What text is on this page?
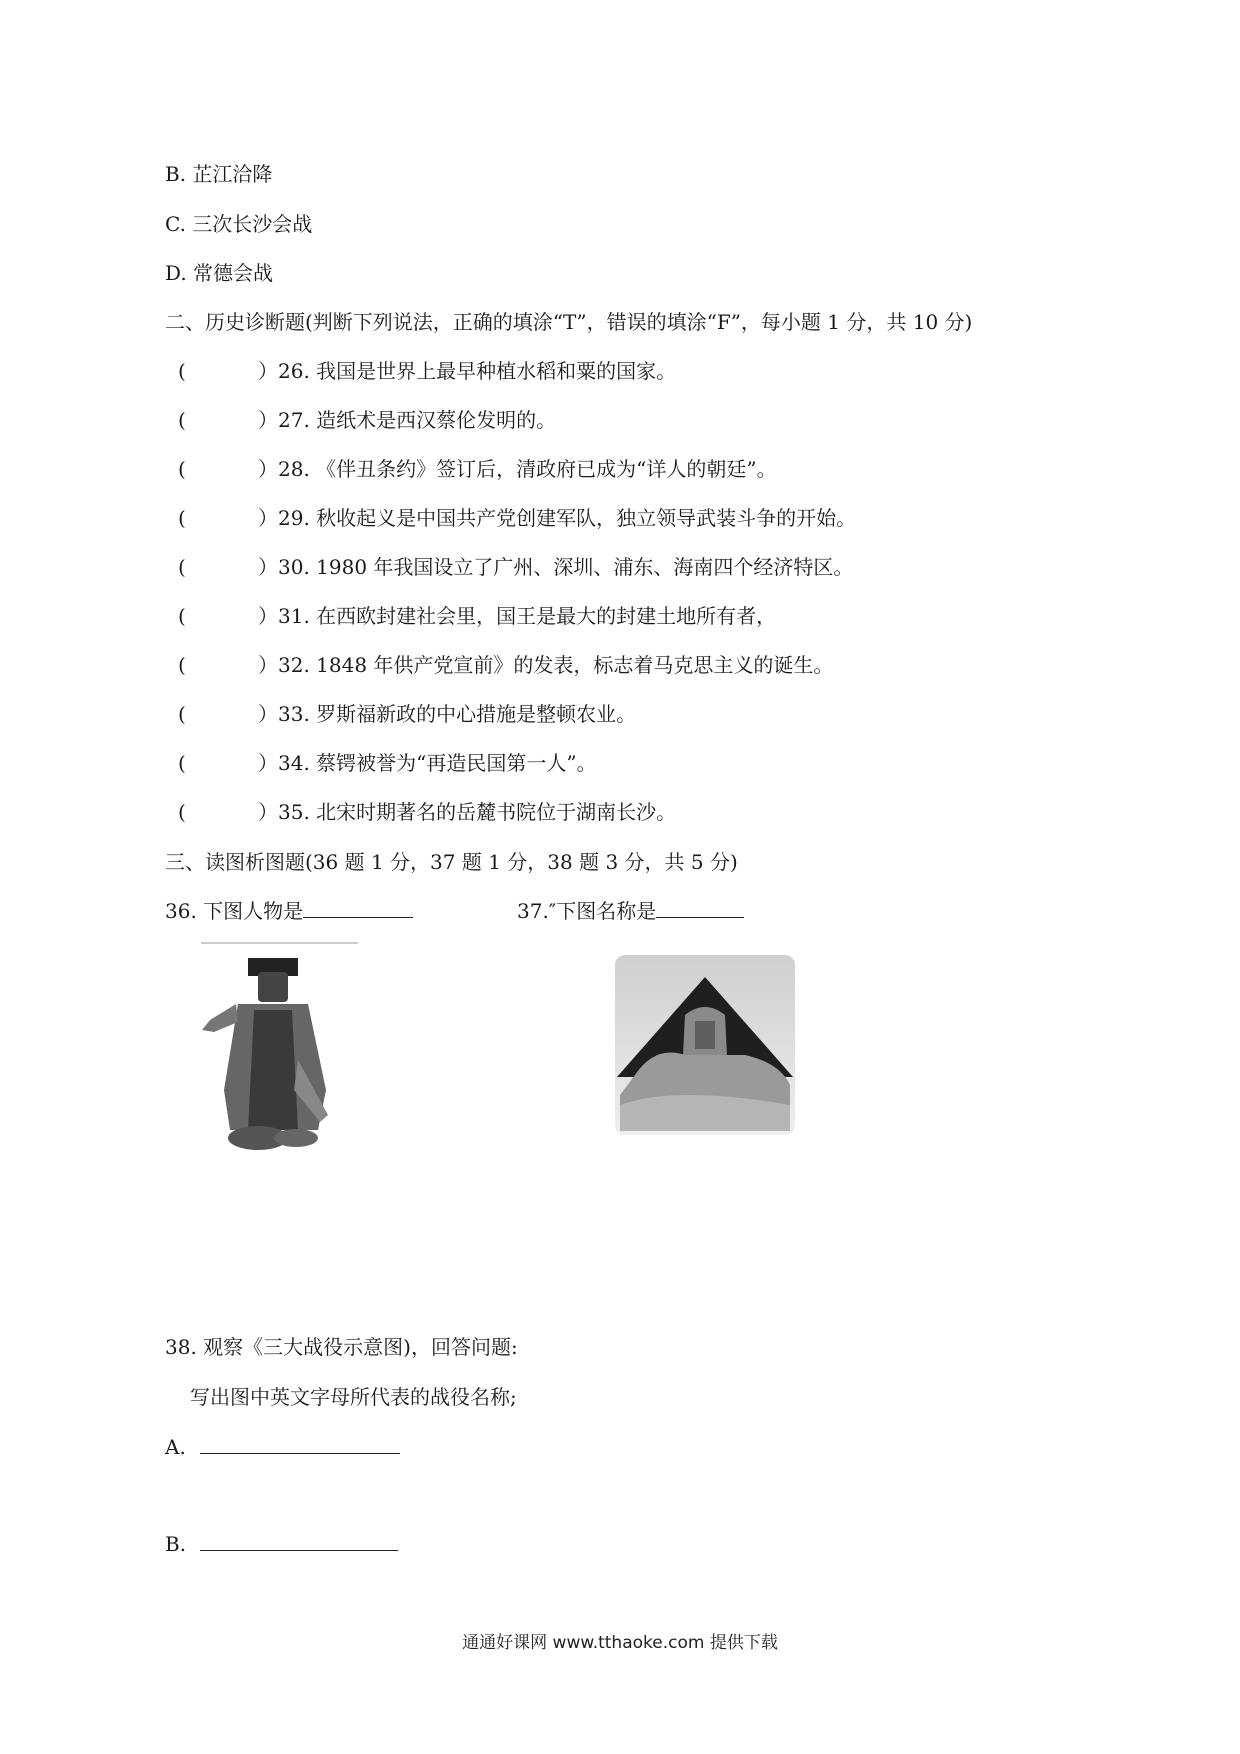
B. 芷江洽降
C. 三次长沙会战
D. 常德会战
二、历史诊断题(判断下列说法，正确的填涂“T”，错误的填涂“F”，每小题 1 分，共 10 分)
(	）26. 我国是世界上最早种植水稻和粟的国家。
(	）27. 造纸术是西汉蔡伦发明的。
(	）28. 《伴丑条约》签订后，清政府已成为“详人的朝廷”。
(	）29. 秋收起义是中国共产党创建军队，独立领导武装斗争的开始。
(	）30. 1980 年我国设立了广州、深圳、浦东、海南四个经济特区。
(	）31. 在西欧封建社会里，国王是最大的封建土地所有者，
(	）32. 1848 年供产党宣前》的发表，标志着马克思主义的诞生。
(	）33. 罗斯福新政的中心措施是整顿农业。
(	）34. 蔡锷被誉为“再造民国第一人”。
(	）35. 北宋时期著名的岳麓书院位于湖南长沙。
三、读图析图题(36 题 1 分，37 题 1 分，38 题 3 分，共 5 分)
36. 下图人物是	37.″下图名称是
38. 观察《三大战役示意图)，回答问题:
写出图中英文字母所代表的战役名称;
A.
B.
通通好课网 www.tthaoke.com 提供下载
